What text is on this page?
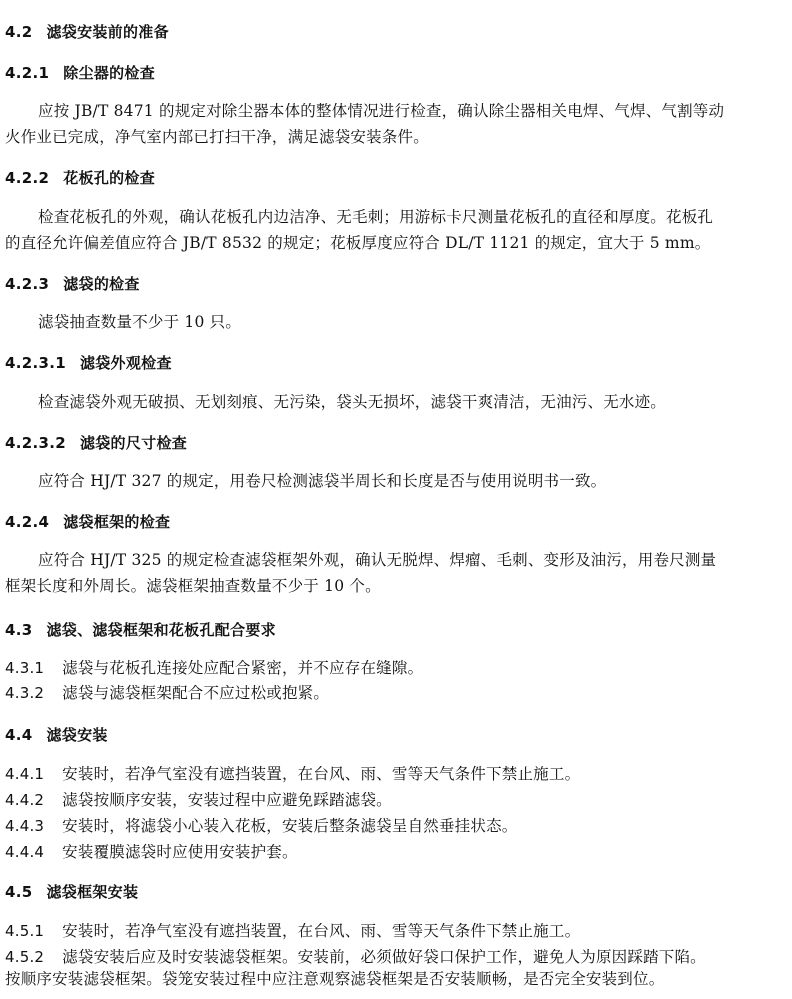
4.2 滤袋安装前的准备
4.2.1 除尘器的检查
应按 JB/T 8471 的规定对除尘器本体的整体情况进行检查，确认除尘器相关电焊、气焊、气割等动
火作业已完成，净气室内部已打扫干净，满足滤袋安装条件。
4.2.2 花板孔的检查
检查花板孔的外观，确认花板孔内边洁净、无毛刺；用游标卡尺测量花板孔的直径和厚度。花板孔
的直径允许偏差值应符合 JB/T 8532 的规定；花板厚度应符合 DL/T 1121 的规定，宜大于 5 mm。
4.2.3 滤袋的检查
滤袋抽查数量不少于 10 只。
4.2.3.1 滤袋外观检查
检查滤袋外观无破损、无划刻痕、无污染，袋头无损坏，滤袋干爽清洁，无油污、无水迹。
4.2.3.2 滤袋的尺寸检查
应符合 HJ/T 327 的规定，用卷尺检测滤袋半周长和长度是否与使用说明书一致。
4.2.4 滤袋框架的检查
应符合 HJ/T 325 的规定检查滤袋框架外观，确认无脱焊、焊瘤、毛刺、变形及油污，用卷尺测量
框架长度和外周长。滤袋框架抽查数量不少于 10 个。
4.3 滤袋、滤袋框架和花板孔配合要求
4.3.1 滤袋与花板孔连接处应配合紧密，并不应存在缝隙。
4.3.2 滤袋与滤袋框架配合不应过松或抱紧。
4.4 滤袋安装
4.4.1 安装时，若净气室没有遮挡装置，在台风、雨、雪等天气条件下禁止施工。
4.4.2 滤袋按顺序安装，安装过程中应避免踩踏滤袋。
4.4.3 安装时，将滤袋小心装入花板，安装后整条滤袋呈自然垂挂状态。
4.4.4 安装覆膜滤袋时应使用安装护套。
4.5 滤袋框架安装
4.5.1 安装时，若净气室没有遮挡装置，在台风、雨、雪等天气条件下禁止施工。
4.5.2 滤袋安装后应及时安装滤袋框架。安装前，必须做好袋口保护工作，避免人为原因踩踏下陷。
按顺序安装滤袋框架。袋笼安装过程中应注意观察滤袋框架是否安装顺畅，是否完全安装到位。
